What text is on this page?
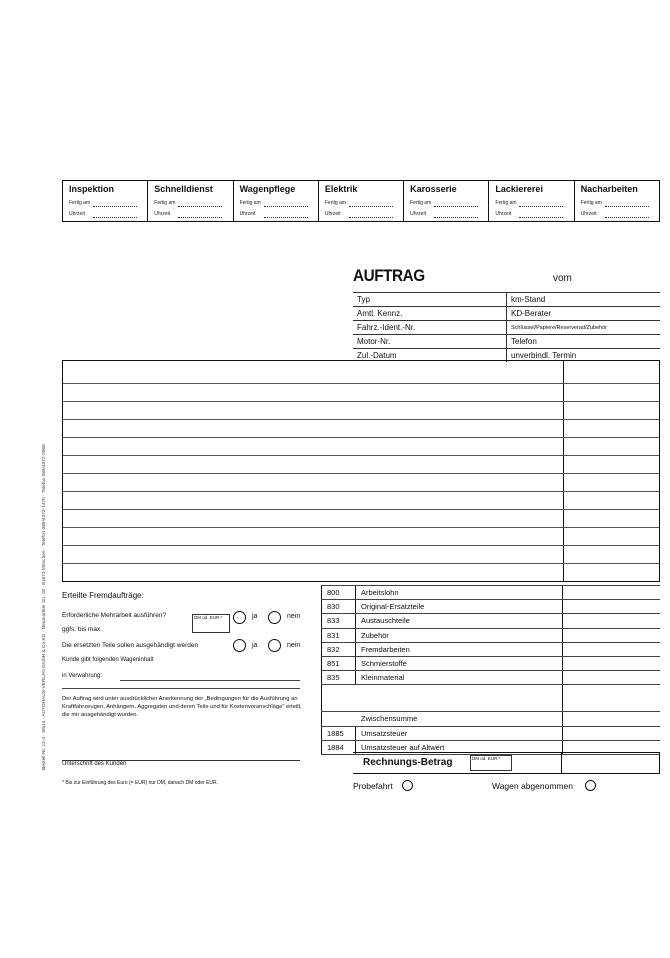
Inspektion
Fertig am
Uhrzeit
Schnelldienst
Fertig am
Uhrzeit
Wagenpflege
Fertig am
Uhrzeit
Elektrik
Fertig am
Uhrzeit
Karosserie
Fertig am
Uhrzeit
Lackiererei
Fertig am
Uhrzeit
Nacharbeiten
Fertig am
Uhrzeit
AUFTRAG	vom
Typ	km-Stand
Amtl. Kennz.	KD-Berater
Fahrz.-Ident.-Nr.	Schlüssel/Papiere/Reserverad/Zubehör
Motor-Nr.	Telefon
Zul.-Datum	unverbindl. Termin
Bestell-Nr. 12-3 · 9/614 · AUTOHAUS-VERLAG GmbH & Co.KG · Neumarkter Str. 18 · 81673 München · Telefon 089/4372-1476 · Telefax 089/4372-2866 Erteilte Fremdaufträge:
Erforderliche Mehrarbeit ausführen?	DM od. EUR *
ggfs. bis max.
ja	nein
Die ersetzten Teile sollen ausgehändigt werden	ja	nein
Kunde gibt folgenden Wageninhalt
in Verwahrung:
Der Auftrag wird unter ausdrücklicher Anerkennung der „Bedingungen für die Ausführung an Kraftfahrzeugen, Anhängern, Aggregaten und deren Teile und für Kostenvoranschläge" erteilt, die mir ausgehändigt wurden.
Unterschrift des Kunden
* Bis zur Einführung des Euro (= EUR) nur DM, danach DM oder EUR.
800	Arbeitslohn
830	Original-Ersatzteile
833	Austauschteile
831	Zubehör
832	Fremdarbeiten
851	Schmierstoffe
835	Kleinmaterial
Zwischensumme
1885	Umsatzsteuer
1884	Umsatzsteuer auf Altwert
Rechnungs-Betrag	DM od. EUR *
Probefahrt	Wagen abgenommen
